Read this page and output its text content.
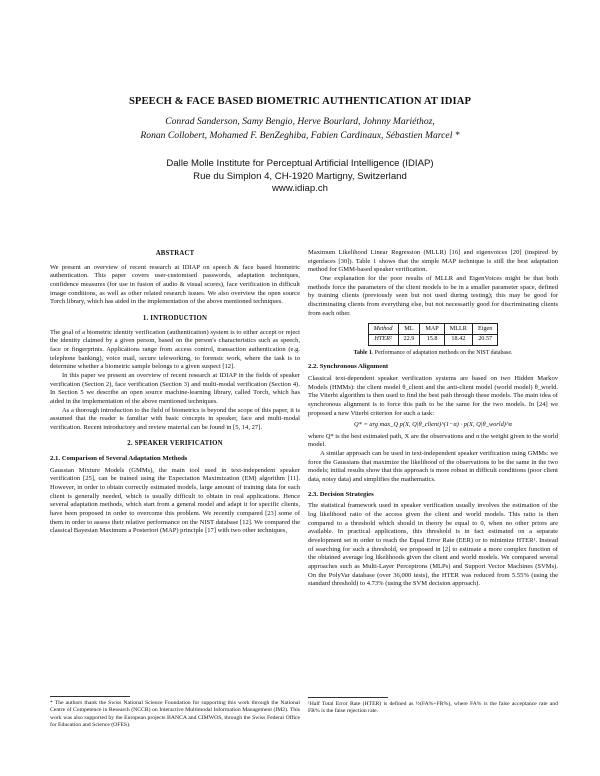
SPEECH & FACE BASED BIOMETRIC AUTHENTICATION AT IDIAP
Conrad Sanderson, Samy Bengio, Herve Bourlard, Johnny Mariéthoz,
Ronan Collobert, Mohamed F. BenZeghiba, Fabien Cardinaux, Sébastien Marcel *
Dalle Molle Institute for Perceptual Artificial Intelligence (IDIAP)
Rue du Simplon 4, CH-1920 Martigny, Switzerland
www.idiap.ch
ABSTRACT

We present an overview of recent research at IDIAP on speech & face based biometric authentication. This paper covers user-customised passwords, adaptation techniques, confidence measures (for use in fusion of audio & visual scores), face verification in difficult image conditions, as well as other related research issues. We also overview the open source Torch library, which has aided in the implementation of the above mentioned techniques.

1. INTRODUCTION

The goal of a biometric identity verification (authentication) system is to either accept or reject the identity claimed by a given person, based on the person's characteristics such as speech, face or fingerprints. Applications range from access control, transaction authentication (e.g. telephone banking), voice mail, secure teleworking, to forensic work, where the task is to determine whether a biometric sample belongs to a given suspect [12].

In this paper we present an overview of recent research at IDIAP in the fields of speaker verification (Section 2), face verification (Section 3) and multi-modal verification (Section 4). In Section 5 we describe an open source machine-learning library, called Torch, which has aided in the implementation of the above mentioned techniques.

As a thorough introduction to the field of biometrics is beyond the scope of this paper, it is assumed that the reader is familiar with basic concepts in speaker, face and multi-modal verification. Recent introductory and review material can be found in [5, 14, 27].

2. SPEAKER VERIFICATION
2.1. Comparison of Several Adaptation Methods

Gaussian Mixture Models (GMMs), the main tool used in text-independent speaker verification [25], can be trained using the Expectation Maximization (EM) algorithm [11]. However, in order to obtain correctly estimated models, large amount of training data for each client is generally needed, which is usually difficult to obtain in real applications. Hence several adaptation methods, which start from a general model and adapt it for specific clients, have been proposed in order to overcome this problem. We recently compared [23] some of them in order to assess their relative performance on the NIST database [12]. We compared the classical Bayesian Maximum a Posteriori (MAP) principle [17] with two other techniques,

Maximum Likelihood Linear Regression (MLLR) [16] and eigenvoices [20] (inspired by eigenfaces [30]). Table 1 shows that the simple MAP technique is still the best adaptation method for GMM-based speaker verification.

One explanation for the poor results of MLLR and EigenVoices might be that both methods force the parameters of the client models to be in a smaller parameter space, defined by training clients (previously seen but not used during testing); this may be good for discriminating clients from everything else, but not necessarily good for discriminating clients from each other.

Method	ML	MAP	MLLR	Eigen
HTER²	22.9	15.8	18.42	20.57
Table 1. Performance of adaptation methods on the NIST database.
2.2. Synchronous Alignment

Classical text-dependent speaker verification systems are based on two Hidden Markov Models (HMMs): the client model θ_client and the anti-client model (world model) θ_world. The Viterbi algorithm is then used to find the best path through these models. The main idea of synchronous alignment is to force this path to be the same for the two models. In [24] we proposed a new Viterbi criterion for such a task:

Q* = arg max_Q p(X, Q|θ_client)^(1−α) · p(X, Q|θ_world)^α

where Q* is the best estimated path, X are the observations and α the weight given to the world model.

A similar approach can be used in text-independent speaker verification using GMMs: we force the Gaussians that maximize the likelihood of the observations to be the same in the two models; initial results show that this approach is more robust in difficult conditions (poor client data, noisy data) and simplifies the mathematics.

2.3. Decision Strategies

The statistical framework used in speaker verification usually involves the estimation of the log likelihood ratio of the access given the client and world models. This ratio is then compared to a threshold which should in theory be equal to 0, when no other priors are available. In practical applications, this threshold is in fact estimated on a separate development set in order to reach the Equal Error Rate (EER) or to minimize HTER¹. Instead of searching for such a threshold, we proposed in [2] to estimate a more complex function of the obtained average log likelihoods given the client and world models. We compared several approaches such as Multi-Layer Perceptrons (MLPs) and Support Vector Machines (SVMs). On the PolyVar database (over 36,000 tests), the HTER was reduced from 5.55% (using the standard threshold) to 4.73% (using the SVM decision approach).

* The authors thank the Swiss National Science Foundation for supporting this work through the National Centre of Competence in Research (NCCR) on Interactive Multimodal Information Management (IM2). This work was also supported by the European projects BANCA and CIMWOS, through the Swiss Federal Office for Education and Science (OFES).
¹Half Total Error Rate (HTER) is defined as ½(FA%+FR%), where FA% is the false acceptance rate and FR% is the false rejection rate.
